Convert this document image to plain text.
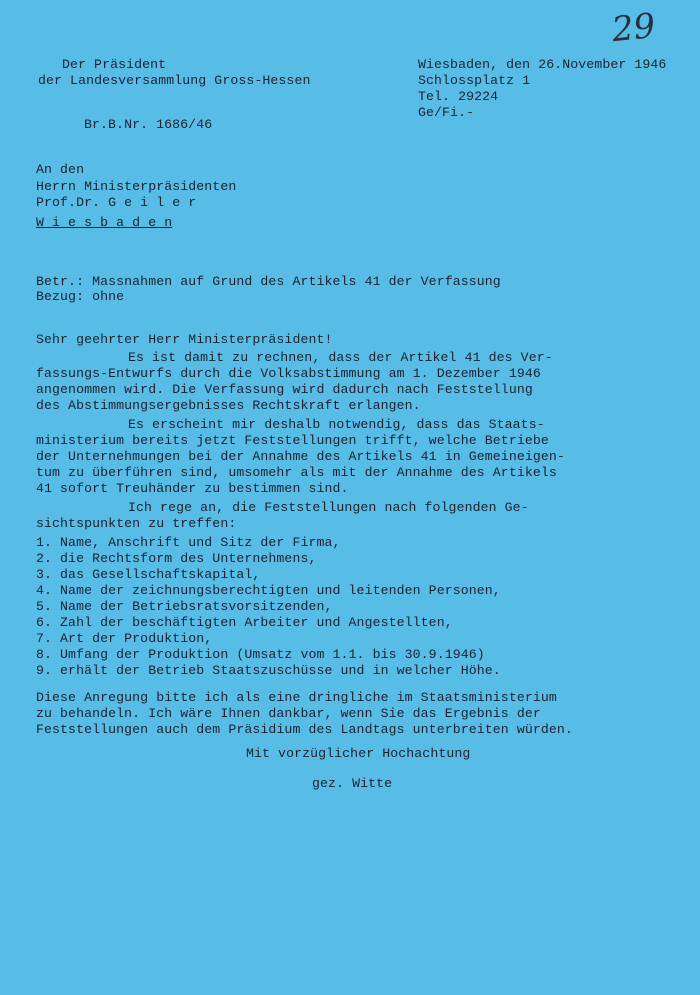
29
Der Präsident
der Landesversammlung Gross-Hessen
Br.B.Nr. 1686/46
Wiesbaden, den 26.November 1946
Schlossplatz 1
Tel. 29224
Ge/Fi.-
An den
Herrn Ministerpräsidenten
Prof.Dr. G e i l e r
W i e s b a d e n
Betr.: Massnahmen auf Grund des Artikels 41 der Verfassung
Bezug: ohne
Sehr geehrter Herr Ministerpräsident!
Es ist damit zu rechnen, dass der Artikel 41 des Ver-
fassungs-Entwurfs durch die Volksabstimmung am 1. Dezember 1946
angenommen wird. Die Verfassung wird dadurch nach Feststellung
des Abstimmungsergebnisses Rechtskraft erlangen.
Es erscheint mir deshalb notwendig, dass das Staats-
ministerium bereits jetzt Feststellungen trifft, welche Betriebe
der Unternehmungen bei der Annahme des Artikels 41 in Gemeineigen-
tum zu überführen sind, umsomehr als mit der Annahme des Artikels
41 sofort Treuhänder zu bestimmen sind.
Ich rege an, die Feststellungen nach folgenden Ge-
sichtspunkten zu treffen:
1. Name, Anschrift und Sitz der Firma,
2. die Rechtsform des Unternehmens,
3. das Gesellschaftskapital,
4. Name der zeichnungsberechtigten und leitenden Personen,
5. Name der Betriebsratsvorsitzenden,
6. Zahl der beschäftigten Arbeiter und Angestellten,
7. Art der Produktion,
8. Umfang der Produktion (Umsatz vom 1.1. bis 30.9.1946)
9. erhält der Betrieb Staatszuschüsse und in welcher Höhe.
Diese Anregung bitte ich als eine dringliche im Staatsministerium
zu behandeln. Ich wäre Ihnen dankbar, wenn Sie das Ergebnis der
Feststellungen auch dem Präsidium des Landtags unterbreiten würden.
Mit vorzüglicher Hochachtung
gez. Witte
